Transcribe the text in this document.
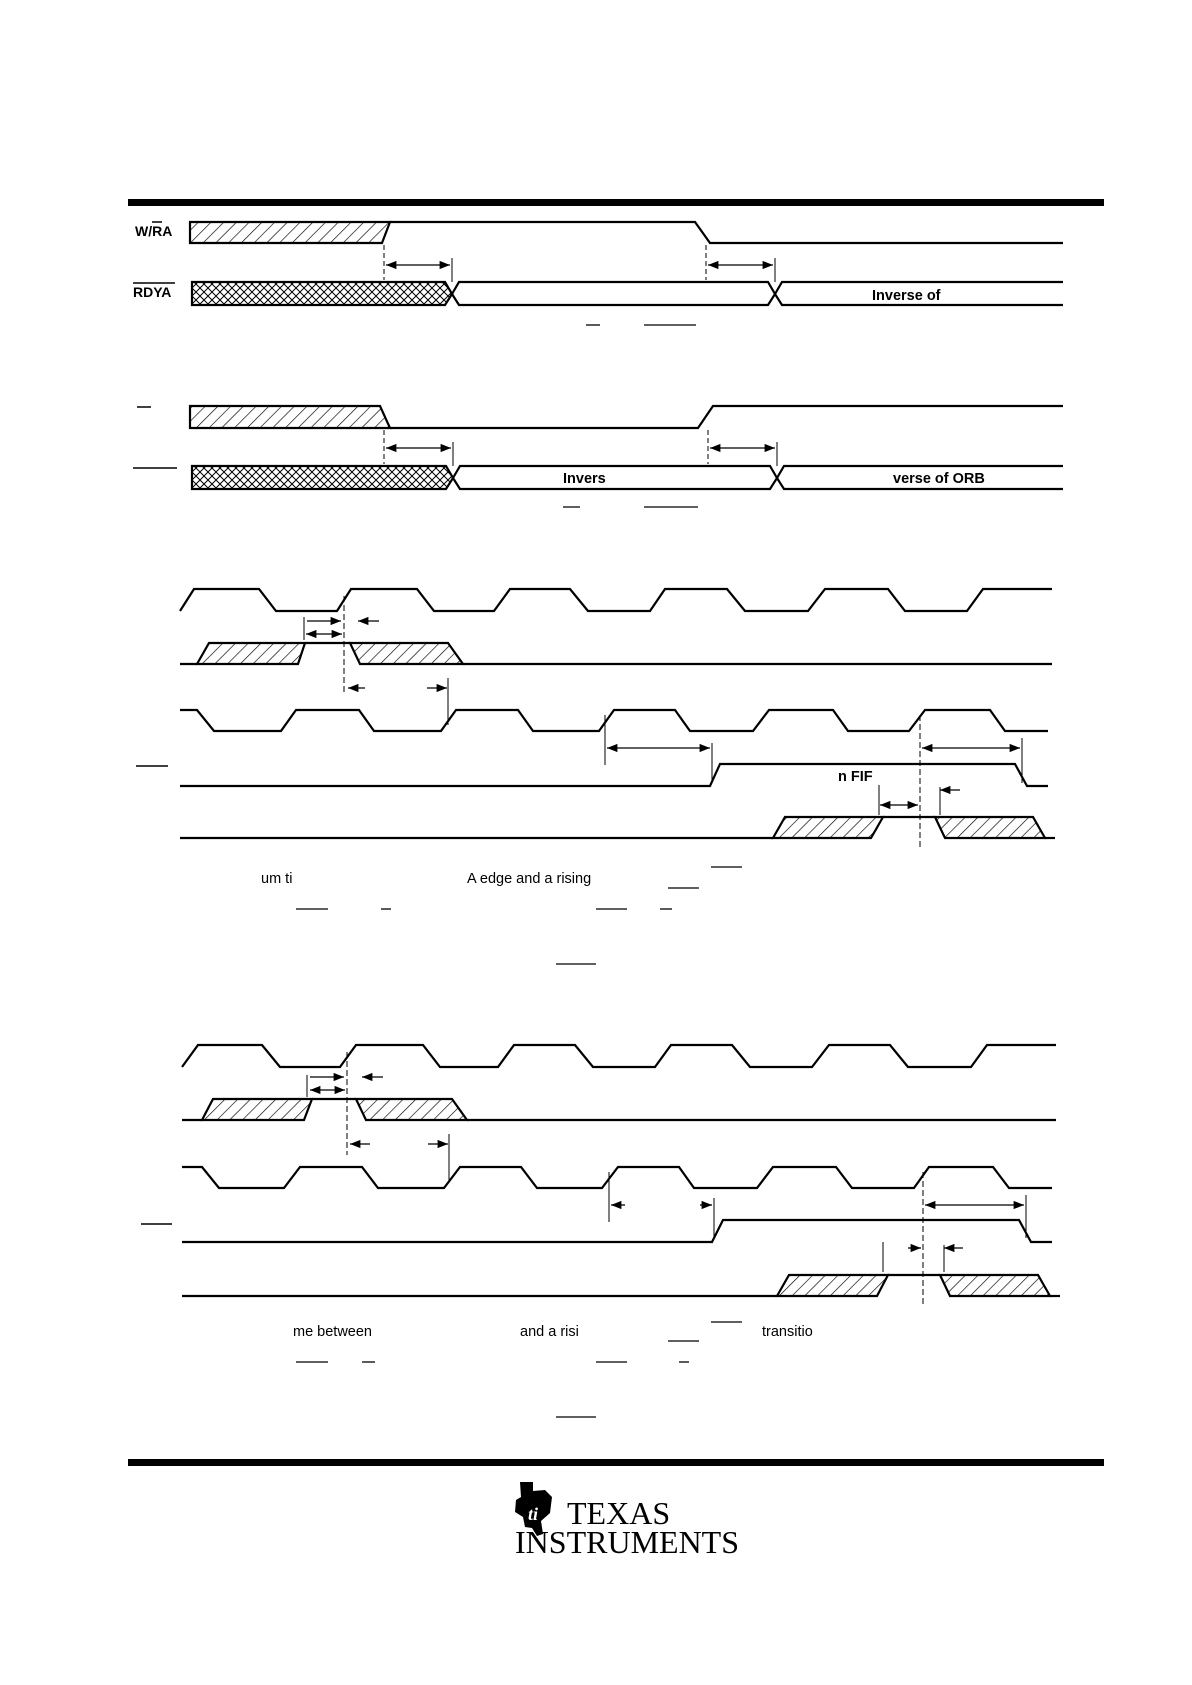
W/RA
RDYA	Inverse of
Invers	verse of ORB
n FIF
um ti	A edge and a rising
me between	and a risi	transitio
ti TEXAS
INSTRUMENTS
